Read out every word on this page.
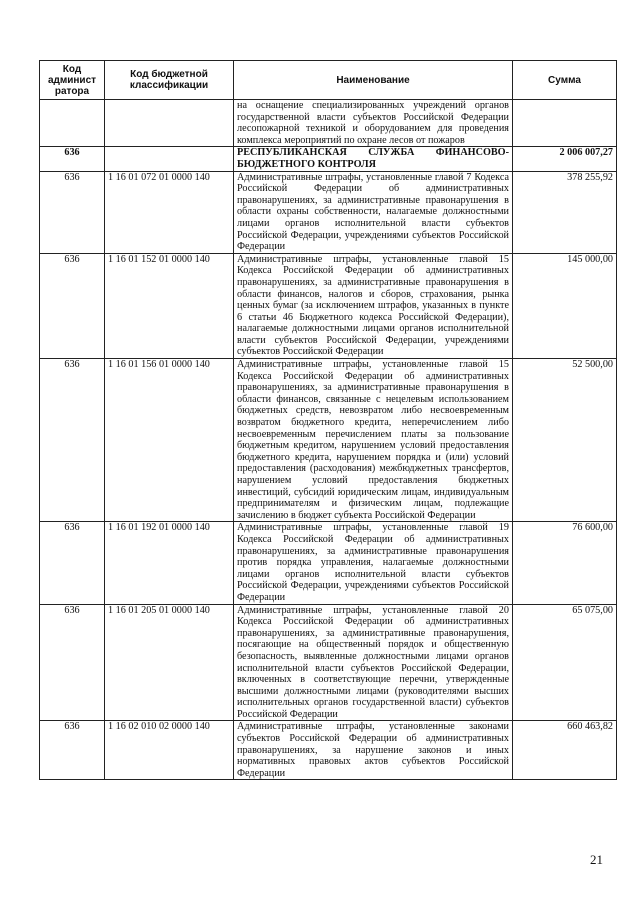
Код админист ратора	Код бюджетной классификации	Наименование	Сумма
		на оснащение специализированных учреждений органов государственной власти субъектов Российской Федерации лесопожарной техникой и оборудованием для проведения комплекса мероприятий по охране лесов от пожаров	
636		РЕСПУБЛИКАНСКАЯ СЛУЖБА ФИНАНСОВО-БЮДЖЕТНОГО КОНТРОЛЯ	2 006 007,27
636	1 16 01 072 01 0000 140	Административные штрафы, установленные главой 7 Кодекса Российской Федерации об административных правонарушениях, за административные правонарушения в области охраны собственности, налагаемые должностными лицами органов исполнительной власти субъектов Российской Федерации, учреждениями субъектов Российской Федерации	378 255,92
636	1 16 01 152 01 0000 140	Административные штрафы, установленные главой 15 Кодекса Российской Федерации об административных правонарушениях, за административные правонарушения в области финансов, налогов и сборов, страхования, рынка ценных бумаг (за исключением штрафов, указанных в пункте 6 статьи 46 Бюджетного кодекса Российской Федерации), налагаемые должностными лицами органов исполнительной власти субъектов Российской Федерации, учреждениями субъектов Российской Федерации	145 000,00
636	1 16 01 156 01 0000 140	Административные штрафы, установленные главой 15 Кодекса Российской Федерации об административных правонарушениях, за административные правонарушения в области финансов, связанные с нецелевым использованием бюджетных средств, невозвратом либо несвоевременным возвратом бюджетного кредита, неперечислением либо несвоевременным перечислением платы за пользование бюджетным кредитом, нарушением условий предоставления бюджетного кредита, нарушением порядка и (или) условий предоставления (расходования) межбюджетных трансфертов, нарушением условий предоставления бюджетных инвестиций, субсидий юридическим лицам, индивидуальным предпринимателям и физическим лицам, подлежащие зачислению в бюджет субъекта Российской Федерации	52 500,00
636	1 16 01 192 01 0000 140	Административные штрафы, установленные главой 19 Кодекса Российской Федерации об административных правонарушениях, за административные правонарушения против порядка управления, налагаемые должностными лицами органов исполнительной власти субъектов Российской Федерации, учреждениями субъектов Российской Федерации	76 600,00
636	1 16 01 205 01 0000 140	Административные штрафы, установленные главой 20 Кодекса Российской Федерации об административных правонарушениях, за административные правонарушения, посягающие на общественный порядок и общественную безопасность, выявленные должностными лицами органов исполнительной власти субъектов Российской Федерации, включенных в соответствующие перечни, утвержденные высшими должностными лицами (руководителями высших исполнительных органов государственной власти) субъектов Российской Федерации	65 075,00
636	1 16 02 010 02 0000 140	Административные штрафы, установленные законами субъектов Российской Федерации об административных правонарушениях, за нарушение законов и иных нормативных правовых актов субъектов Российской Федерации	660 463,82
21
